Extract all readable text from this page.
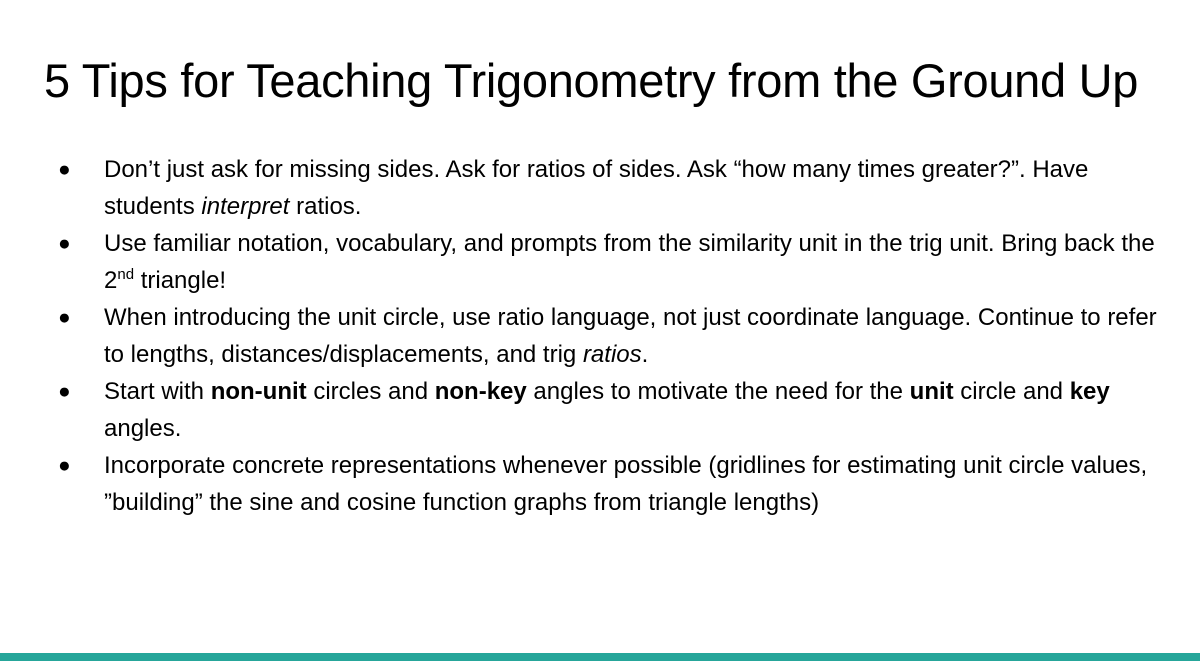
5 Tips for Teaching Trigonometry from the Ground Up
● Don’t just ask for missing sides. Ask for ratios of sides. Ask “how many times greater?”. Have students interpret ratios.
● Use familiar notation, vocabulary, and prompts from the similarity unit in the trig unit. Bring back the 2nd triangle!
● When introducing the unit circle, use ratio language, not just coordinate language. Continue to refer to lengths, distances/displacements, and trig ratios.
● Start with non-unit circles and non-key angles to motivate the need for the unit circle and key angles.
● Incorporate concrete representations whenever possible (gridlines for estimating unit circle values, ”building” the sine and cosine function graphs from triangle lengths)
